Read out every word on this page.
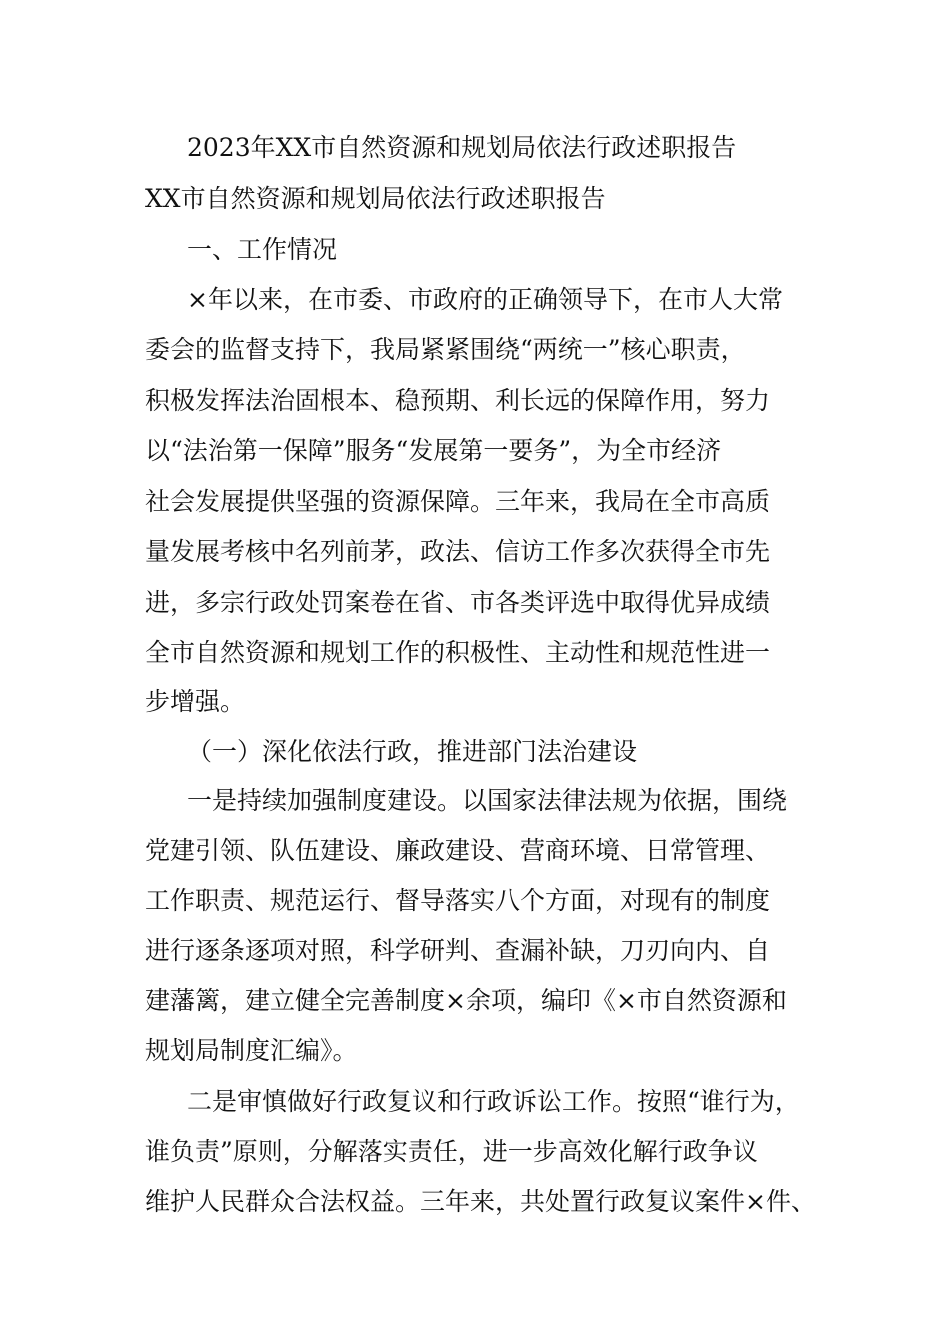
2023年XX市自然资源和规划局依法行政述职报告

XX市自然资源和规划局依法行政述职报告

一、工作情况

×年以来，在市委、市政府的正确领导下，在市人大常

委会的监督支持下，我局紧紧围绕“两统一”核心职责，

积极发挥法治固根本、稳预期、利长远的保障作用，努力

以“法治第一保障”服务“发展第一要务”，为全市经济

社会发展提供坚强的资源保障。三年来，我局在全市高质

量发展考核中名列前茅，政法、信访工作多次获得全市先

进，多宗行政处罚案卷在省、市各类评选中取得优异成绩

全市自然资源和规划工作的积极性、主动性和规范性进一

步增强。

（一）深化依法行政，推进部门法治建设

一是持续加强制度建设。以国家法律法规为依据，围绕

党建引领、队伍建设、廉政建设、营商环境、日常管理、

工作职责、规范运行、督导落实八个方面，对现有的制度

进行逐条逐项对照，科学研判、查漏补缺，刀刃向内、自

建藩篱，建立健全完善制度×余项，编印《×市自然资源和

规划局制度汇编》。

二是审慎做好行政复议和行政诉讼工作。按照“谁行为，

谁负责”原则，分解落实责任，进一步高效化解行政争议

维护人民群众合法权益。三年来，共处置行政复议案件×件、
